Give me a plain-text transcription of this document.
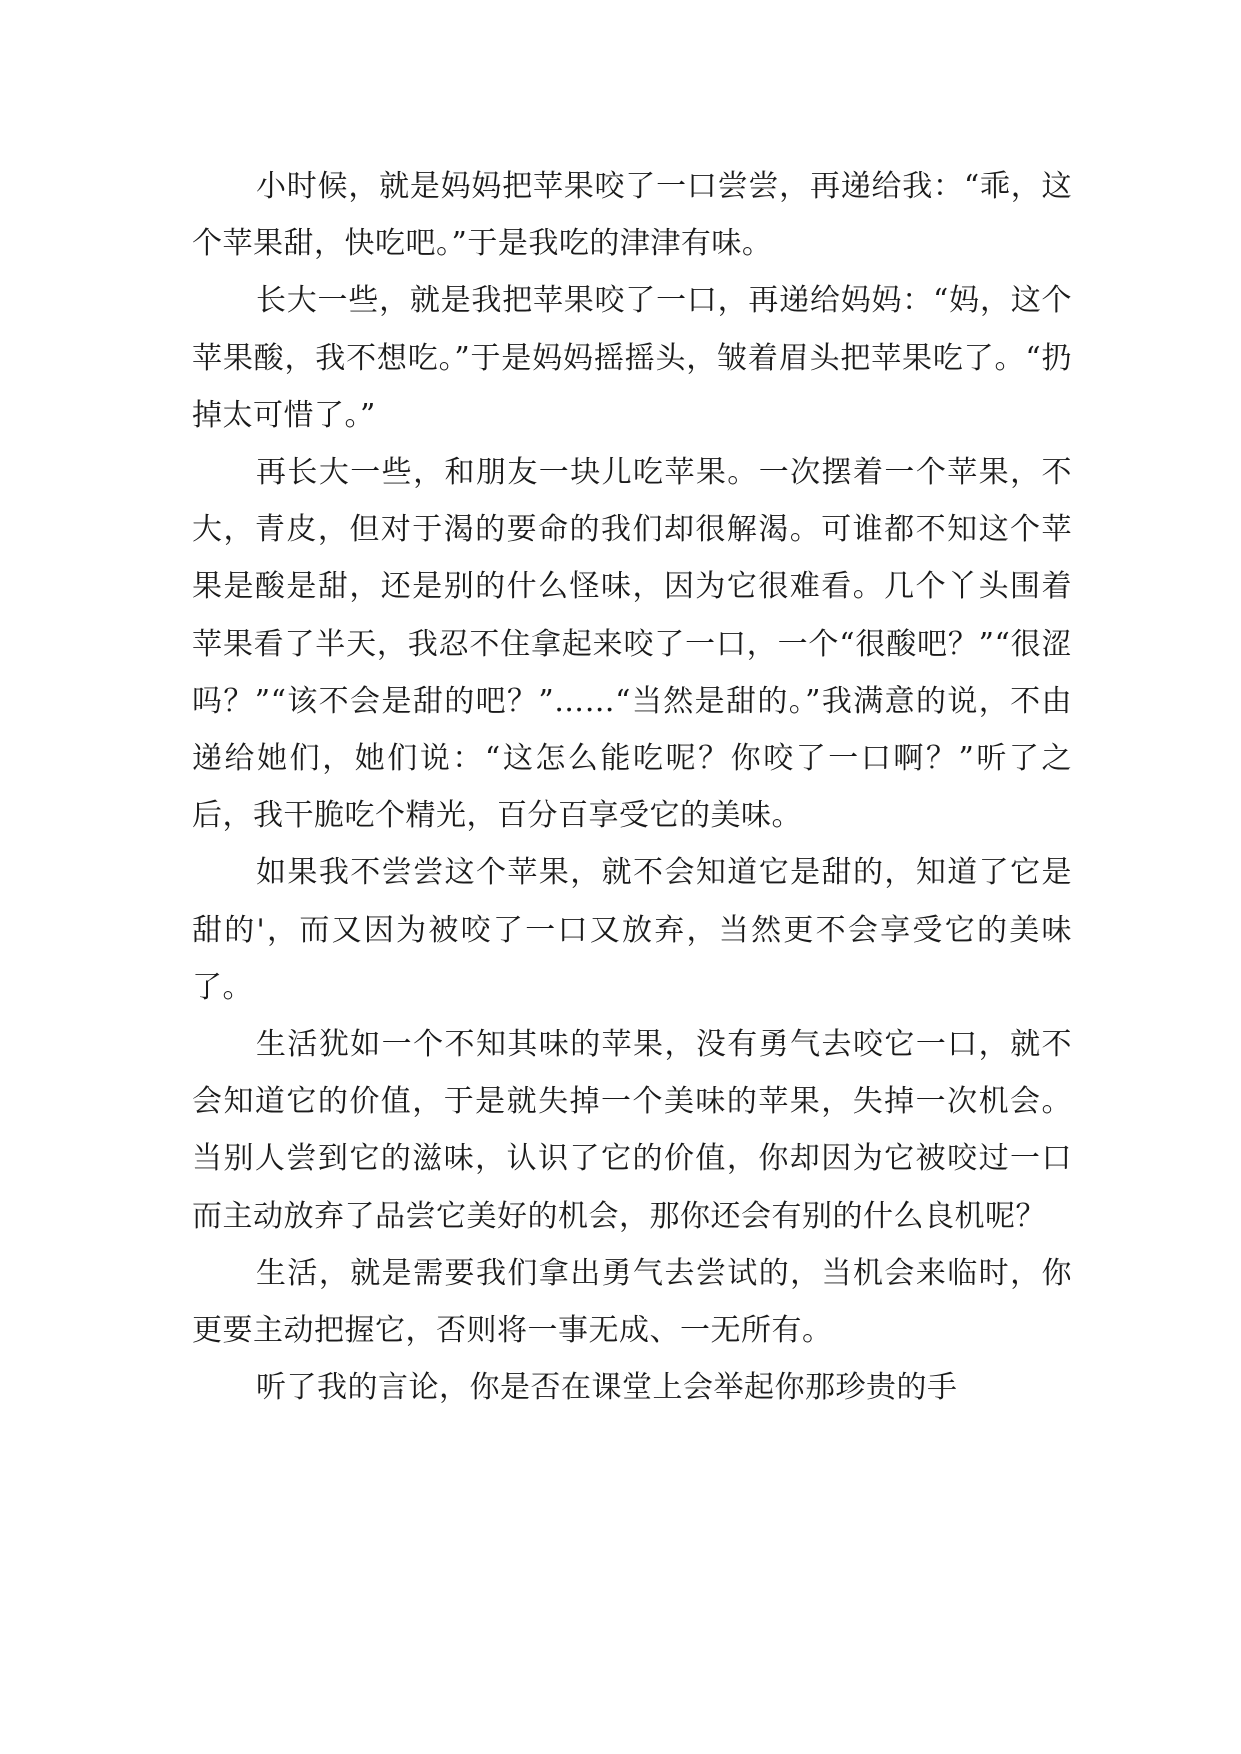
小时候，就是妈妈把苹果咬了一口尝尝，再递给我：“乖，这个苹果甜，快吃吧。”于是我吃的津津有味。

长大一些，就是我把苹果咬了一口，再递给妈妈：“妈，这个苹果酸，我不想吃。”于是妈妈摇摇头，皱着眉头把苹果吃了。“扔掉太可惜了。”

再长大一些，和朋友一块儿吃苹果。一次摆着一个苹果，不大，青皮，但对于渴的要命的我们却很解渴。可谁都不知这个苹果是酸是甜，还是别的什么怪味，因为它很难看。几个丫头围着苹果看了半天，我忍不住拿起来咬了一口，一个“很酸吧？”“很涩吗？”“该不会是甜的吧？”……“当然是甜的。”我满意的说，不由递给她们，她们说：“这怎么能吃呢？你咬了一口啊？”听了之后，我干脆吃个精光，百分百享受它的美味。

如果我不尝尝这个苹果，就不会知道它是甜的，知道了它是甜的'，而又因为被咬了一口又放弃，当然更不会享受它的美味了。

生活犹如一个不知其味的苹果，没有勇气去咬它一口，就不会知道它的价值，于是就失掉一个美味的苹果，失掉一次机会。当别人尝到它的滋味，认识了它的价值，你却因为它被咬过一口而主动放弃了品尝它美好的机会，那你还会有别的什么良机呢？

生活，就是需要我们拿出勇气去尝试的，当机会来临时，你更要主动把握它，否则将一事无成、一无所有。

听了我的言论，你是否在课堂上会举起你那珍贵的手
